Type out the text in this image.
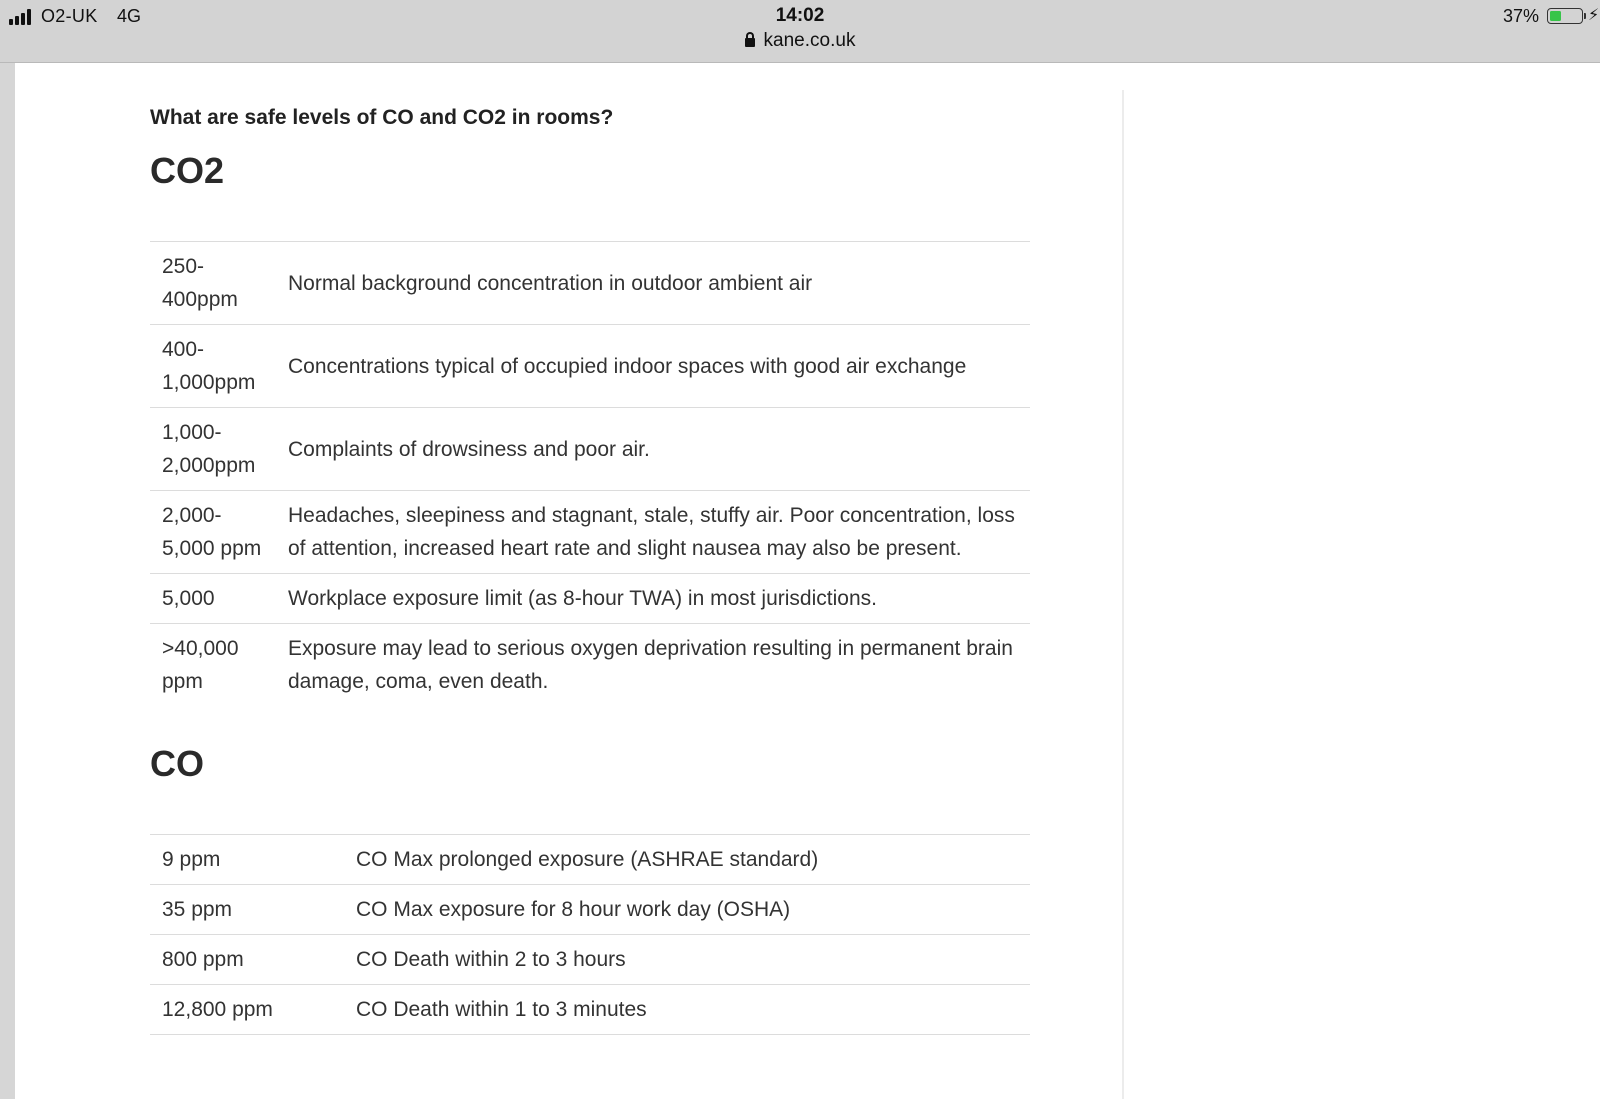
O2-UK 4G	14:02
kane.co.uk
37%	⚡︎
What are safe levels of CO and CO2 in rooms?
CO2
250-400ppm	Normal background concentration in outdoor ambient air
400-1,000ppm	Concentrations typical of occupied indoor spaces with good air exchange
1,000-2,000ppm	Complaints of drowsiness and poor air.
2,000-5,000 ppm	Headaches, sleepiness and stagnant, stale, stuffy air. Poor concentration, loss of attention, increased heart rate and slight nausea may also be present.
5,000	Workplace exposure limit (as 8-hour TWA) in most jurisdictions.
>40,000 ppm	Exposure may lead to serious oxygen deprivation resulting in permanent brain damage, coma, even death.
CO
9 ppm	CO Max prolonged exposure (ASHRAE standard)
35 ppm	CO Max exposure for 8 hour work day (OSHA)
800 ppm	CO Death within 2 to 3 hours
12,800 ppm	CO Death within 1 to 3 minutes
